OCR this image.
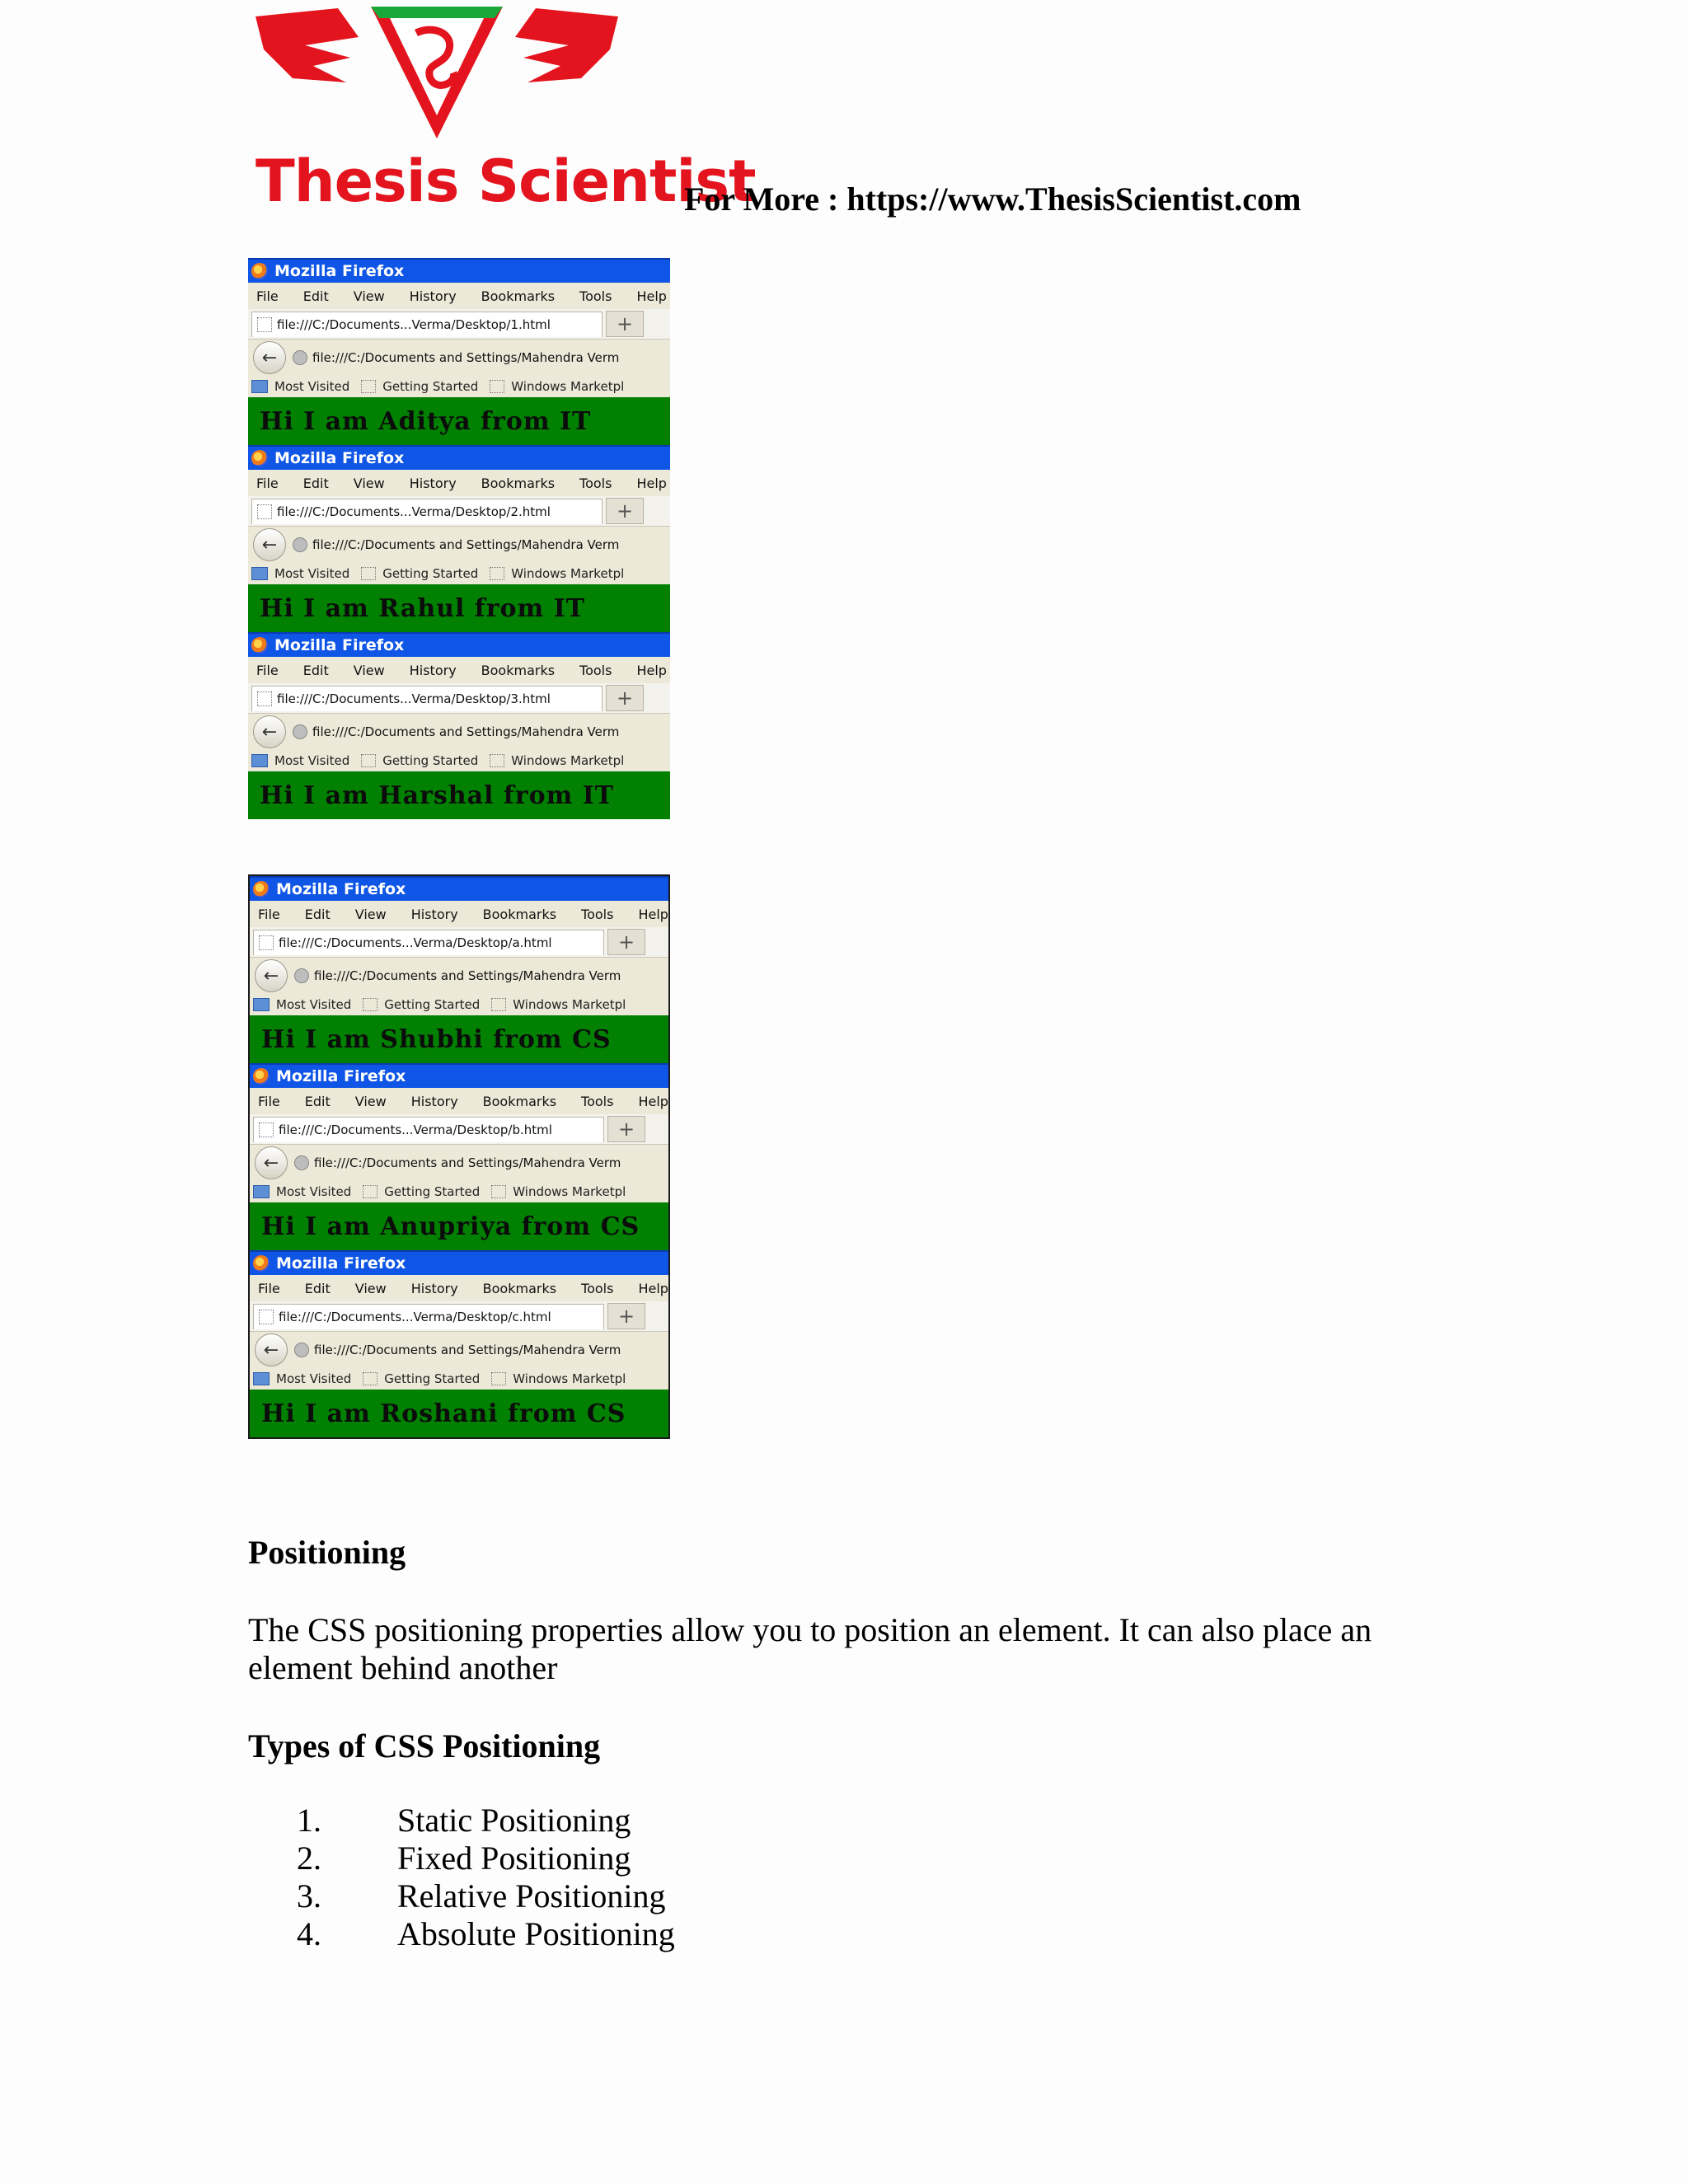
Thesis Scientist
For More : https://www.ThesisScientist.com
Mozilla Firefox
File Edit View History Bookmarks Tools Help
file:///C:/Documents...Verma/Desktop/1.html	+
←	file:///C:/Documents and Settings/Mahendra Verm
Most Visited	Getting Started	Windows Marketpl
Hi I am Aditya from IT
Mozilla Firefox
File Edit View History Bookmarks Tools Help
file:///C:/Documents...Verma/Desktop/2.html	+
←	file:///C:/Documents and Settings/Mahendra Verm
Most Visited	Getting Started	Windows Marketpl
Hi I am Rahul from IT
Mozilla Firefox
File Edit View History Bookmarks Tools Help
file:///C:/Documents...Verma/Desktop/3.html	+
←	file:///C:/Documents and Settings/Mahendra Verm
Most Visited	Getting Started	Windows Marketpl
Hi I am Harshal from IT
Mozilla Firefox
File Edit View History Bookmarks Tools Help
file:///C:/Documents...Verma/Desktop/a.html	+
←	file:///C:/Documents and Settings/Mahendra Verm
Most Visited	Getting Started	Windows Marketpl
Hi I am Shubhi from CS
Mozilla Firefox
File Edit View History Bookmarks Tools Help
file:///C:/Documents...Verma/Desktop/b.html	+
←	file:///C:/Documents and Settings/Mahendra Verm
Most Visited	Getting Started	Windows Marketpl
Hi I am Anupriya from CS
Mozilla Firefox
File Edit View History Bookmarks Tools Help
file:///C:/Documents...Verma/Desktop/c.html	+
←	file:///C:/Documents and Settings/Mahendra Verm
Most Visited	Getting Started	Windows Marketpl
Hi I am Roshani from CS
Positioning
The CSS positioning properties allow you to position an element. It can also place an element behind another
Types of CSS Positioning
1.	Static Positioning
2.	Fixed Positioning
3.	Relative Positioning
4.	Absolute Positioning
